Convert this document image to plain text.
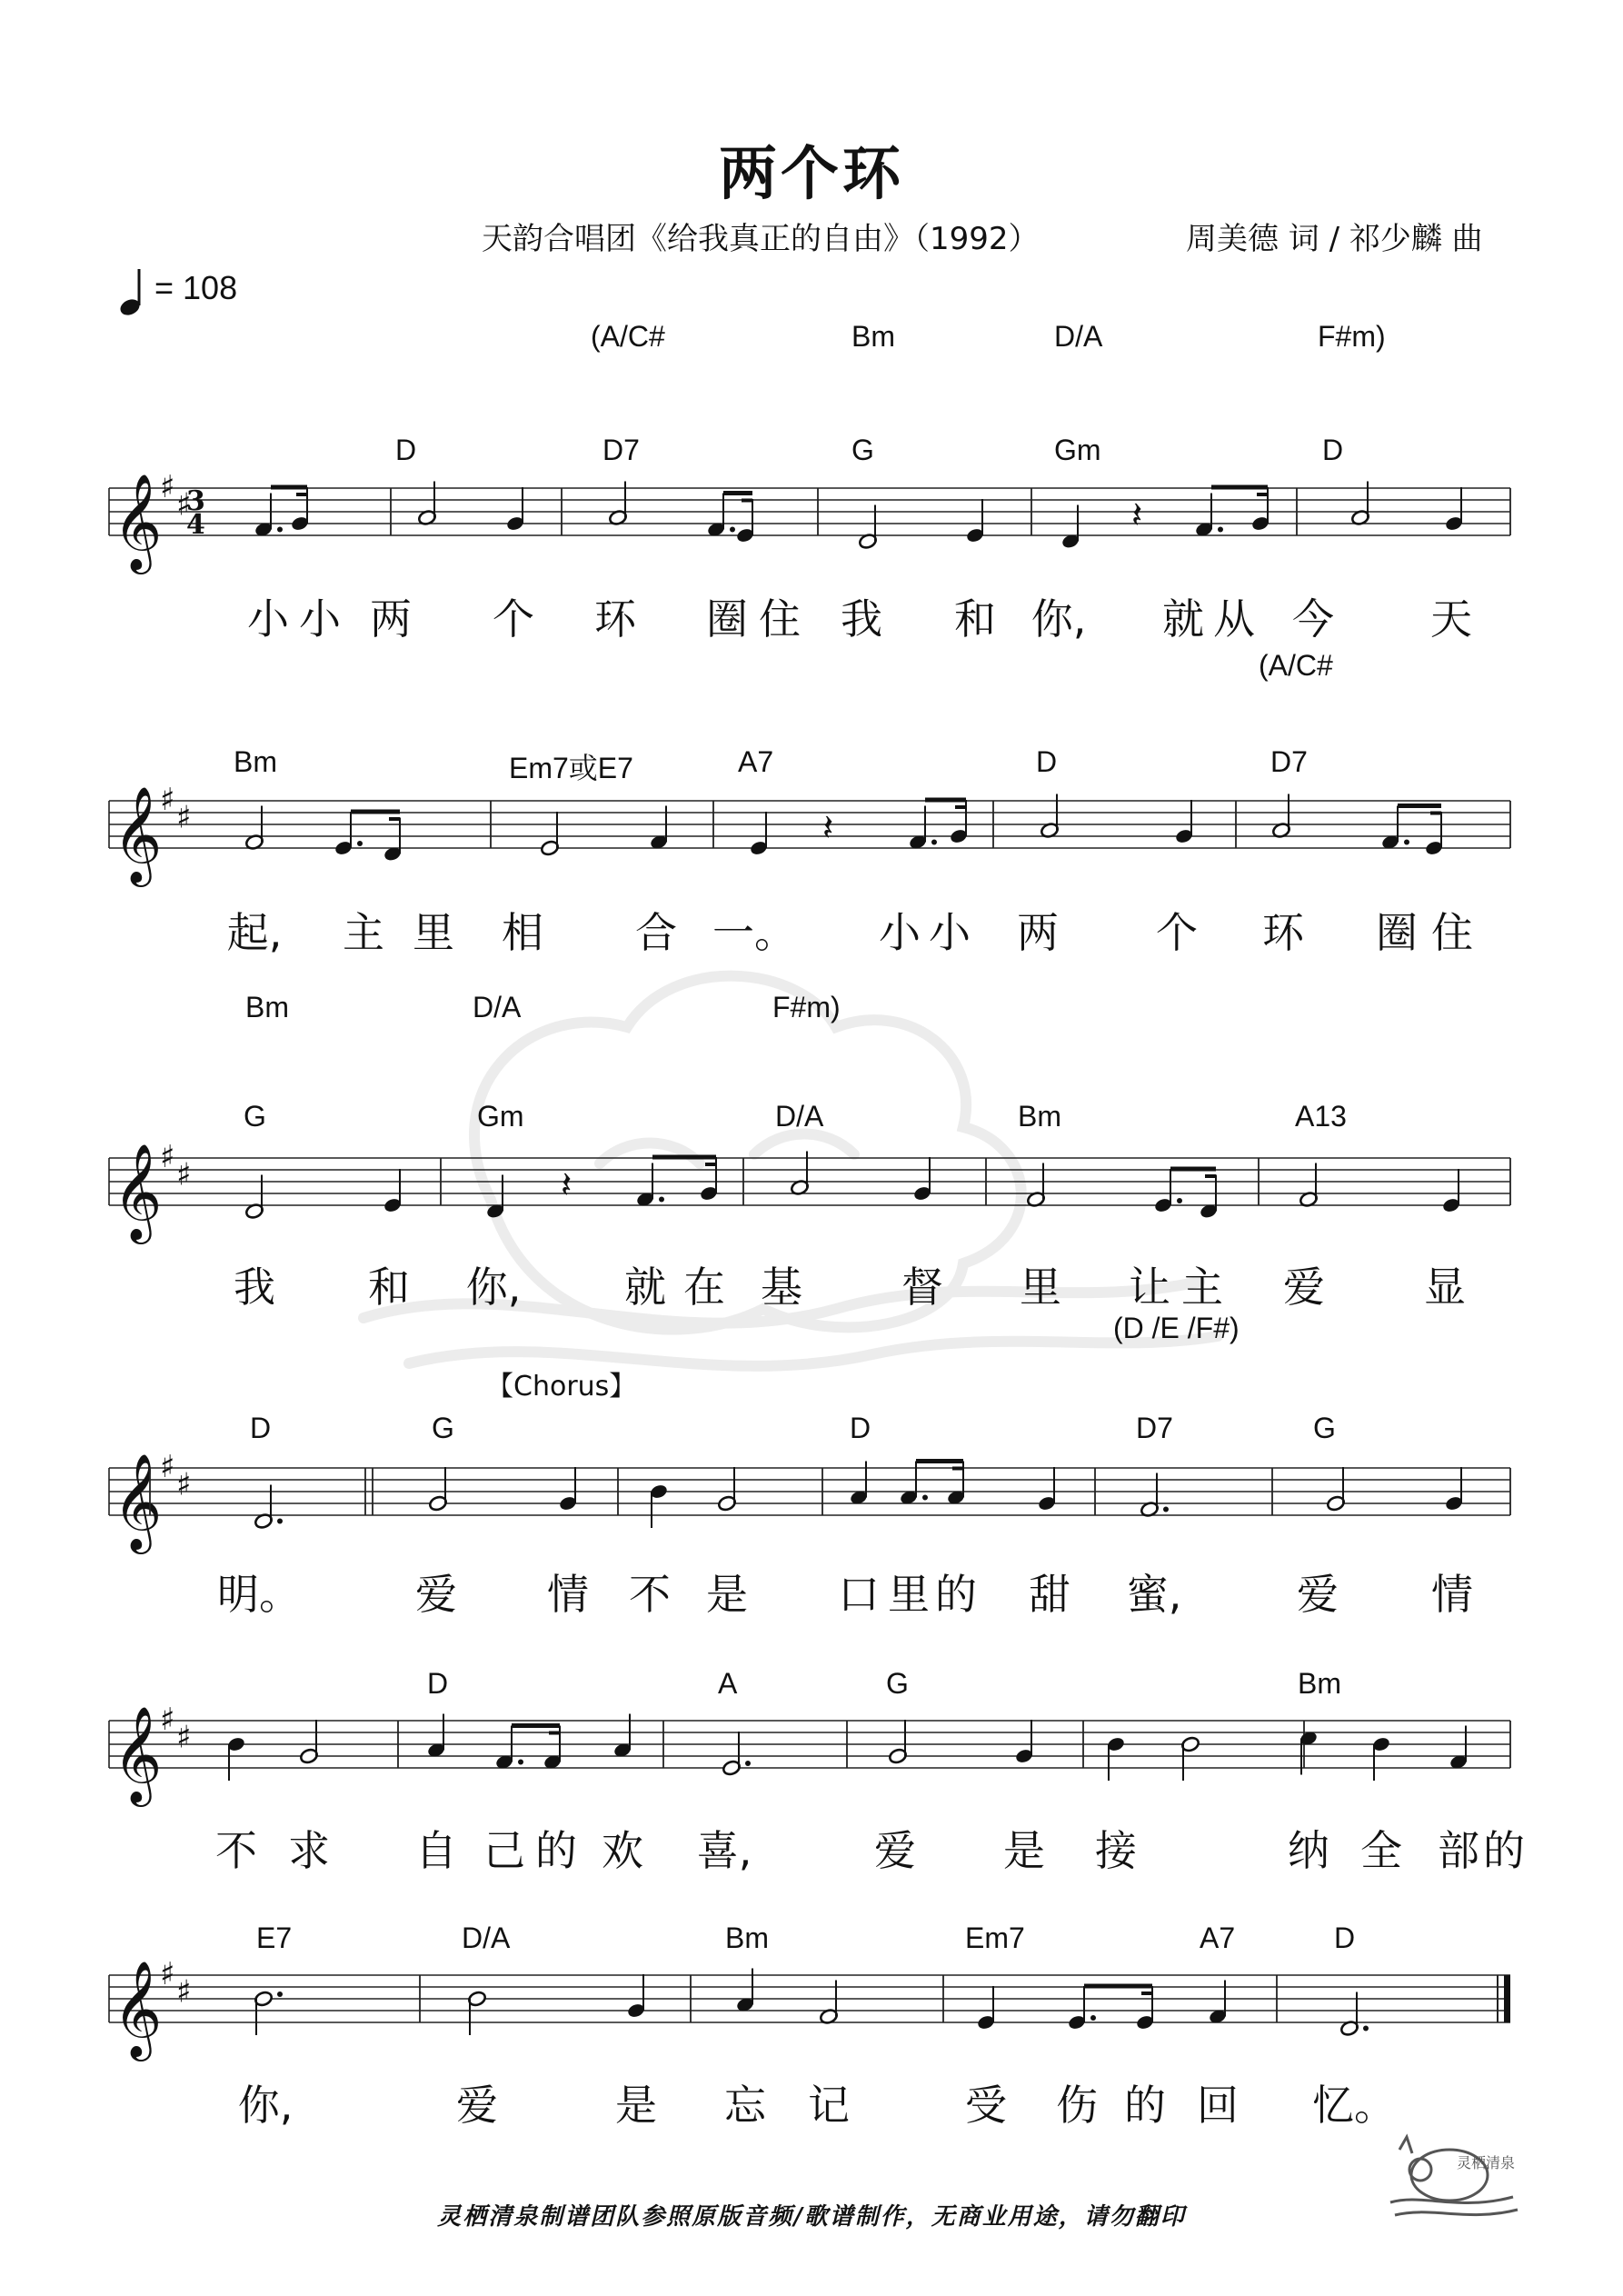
两个环
天韵合唱团《给我真正的自由》（1992）	周美德 词 / 祁少麟 曲
= 108
𝄞
♯ ♯
3
4	𝄽
𝄞
♯ ♯	𝄽
𝄞
♯ ♯	𝄽
𝄞
♯ ♯
𝄞
♯ ♯
𝄞
♯ ♯
D	D7	G	Gm	D
(A/C#	Bm	D/A	F#m)
小 小 两 个 环 圈 住 我 和 你, 就 从 今 天
Bm	Em7或E7	A7	D	D7
(A/C#
Bm	D/A	F#m)
起, 主 里 相 合 一。 小 小 两 个 环 圈 住
G	Gm	D/A	Bm	A13
(D /E /F#)
我 和 你, 就 在 基 督 里 让 主 爱 显
D	G	D	D7	G
明。	爱 情 不 是 口 里 的 甜 蜜,	爱 情
D	A	G	Bm
不 求 自 己 的 欢 喜,	爱 是 接	纳 全 部 的
E7	D/A	Bm	Em7	A7	D
你,	爱	是 忘 记	受 伤 的 回 忆。
【Chorus】
灵栖清泉制谱团队参照原版音频/歌谱制作，无商业用途，请勿翻印
灵栖清泉
